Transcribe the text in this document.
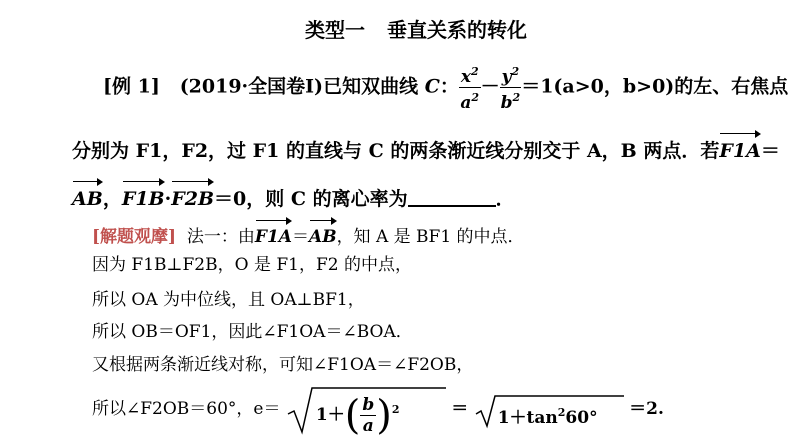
类型一 垂直关系的转化
[例 1] (2019·全国卷Ⅰ)已知双曲线 C： $\frac{x^2}{a^2} - \frac{y^2}{b^2} =1(a>0$，b>0)的左、右焦点
分别为 F1，F2，过 F1 的直线与 C 的两条渐近线分别交于 A，B 两点．若F1A＝
AB，F1B·F2B＝0，则 C 的离心率为	．
[解题观摩] 法一：由F1A＝AB，知 A 是 BF1 的中点．
因为 F1B⊥F2B，O 是 F1，F2 的中点，
所以 OA 为中位线，且 OA⊥BF1，
所以 OB＝OF1，因此∠F1OA＝∠BOA．
又根据两条渐近线对称，可知∠F1OA＝∠F2OB，
所以∠F2OB＝60°，$e= 1+( \frac{b}{a} )^2$	＝ $1+\tan^260^\circ =2$.
